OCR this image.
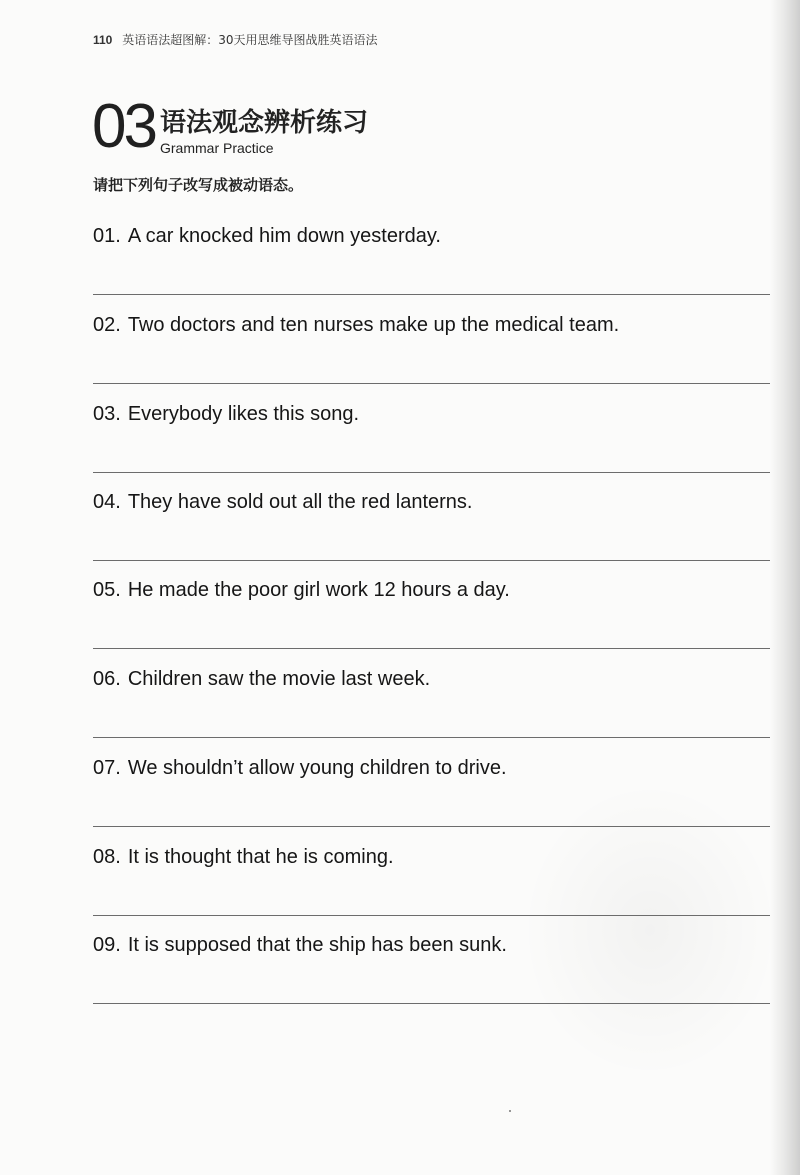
110 英语语法超图解：30天用思维导图战胜英语语法
03 语法观念辨析练习
Grammar Practice
请把下列句子改写成被动语态。
01. A car knocked him down yesterday.
02. Two doctors and ten nurses make up the medical team.
03. Everybody likes this song.
04. They have sold out all the red lanterns.
05. He made the poor girl work 12 hours a day.
06. Children saw the movie last week.
07. We shouldn’t allow young children to drive.
08. It is thought that he is coming.
09. It is supposed that the ship has been sunk.
